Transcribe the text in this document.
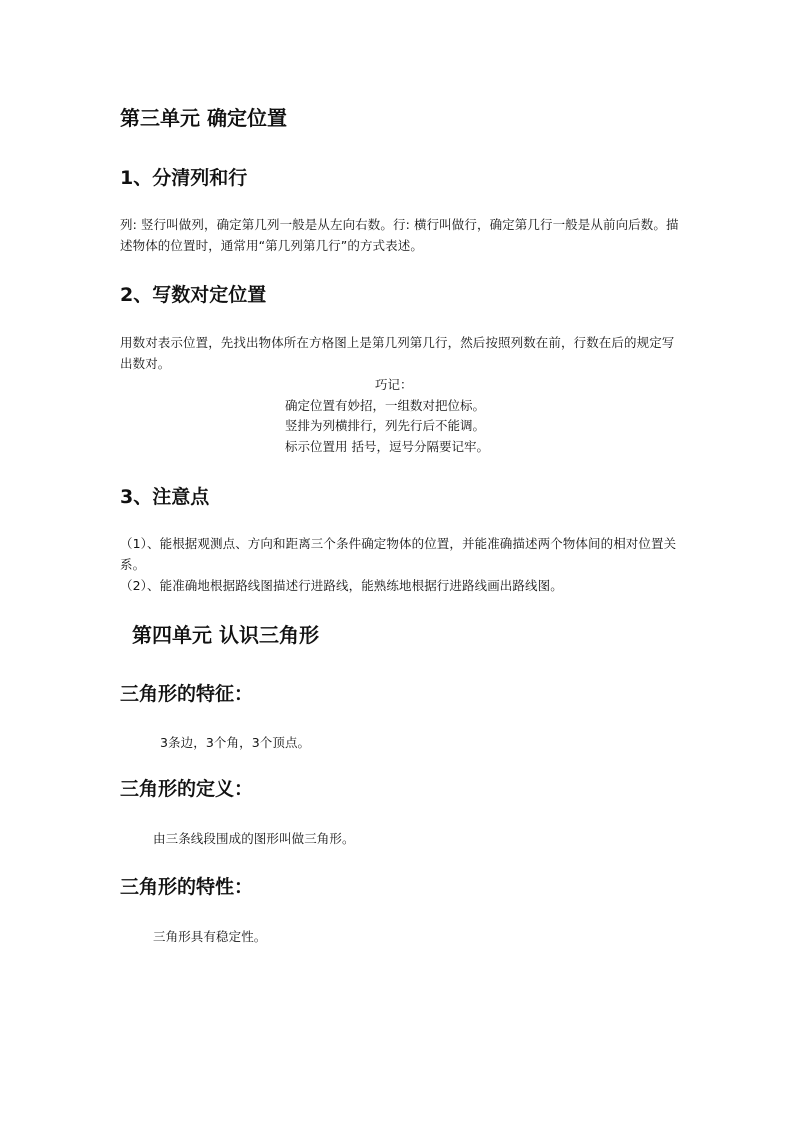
第三单元 确定位置
1、分清列和行
列: 竖行叫做列，确定第几列一般是从左向右数。行: 横行叫做行，确定第几行一般是从前向后数。描述物体的位置时，通常用“第几列第几行”的方式表述。
2、写数对定位置
用数对表示位置，先找出物体所在方格图上是第几列第几行，然后按照列数在前，行数在后的规定写出数对。
巧记：
确定位置有妙招，一组数对把位标。
竖排为列横排行，列先行后不能调。
标示位置用 括号，逗号分隔要记牢。
3、注意点

（1）、能根据观测点、方向和距离三个条件确定物体的位置，并能准确描述两个物体间的相对位置关系。

（2）、能准确地根据路线图描述行进路线，能熟练地根据行进路线画出路线图。

第四单元 认识三角形
三角形的特征：
3条边，3个角，3个顶点。
三角形的定义：
由三条线段围成的图形叫做三角形。
三角形的特性：
三角形具有稳定性。
